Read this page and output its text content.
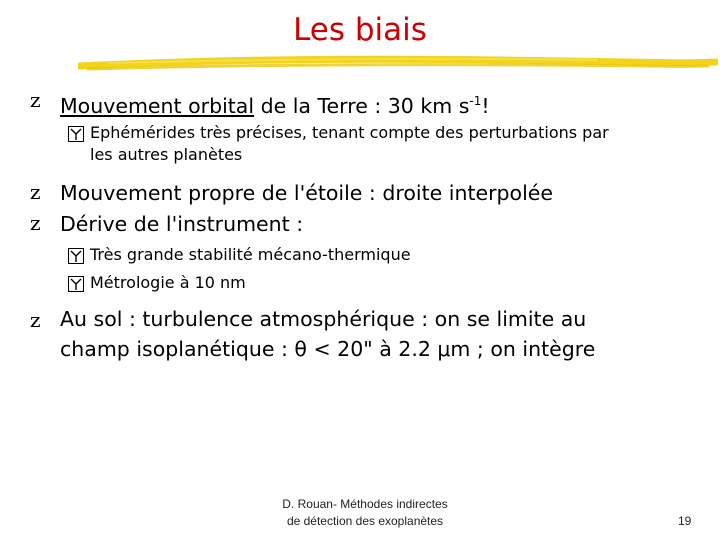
Les biais
z Mouvement orbital de la Terre : 30 km $s^{-1}$!
Ephémérides très précises, tenant compte des perturbations par
les autres planètes
z Mouvement propre de l'étoile : droite interpolée
z Dérive de l'instrument :
Très grande stabilité mécano-thermique
Métrologie à 10 nm
z Au sol : turbulence atmosphérique : on se limite au
champ isoplanétique : θ < 20" à 2.2 μm ; on intègre
D. Rouan- Méthodes indirectes
de détection des exoplanètes	19
